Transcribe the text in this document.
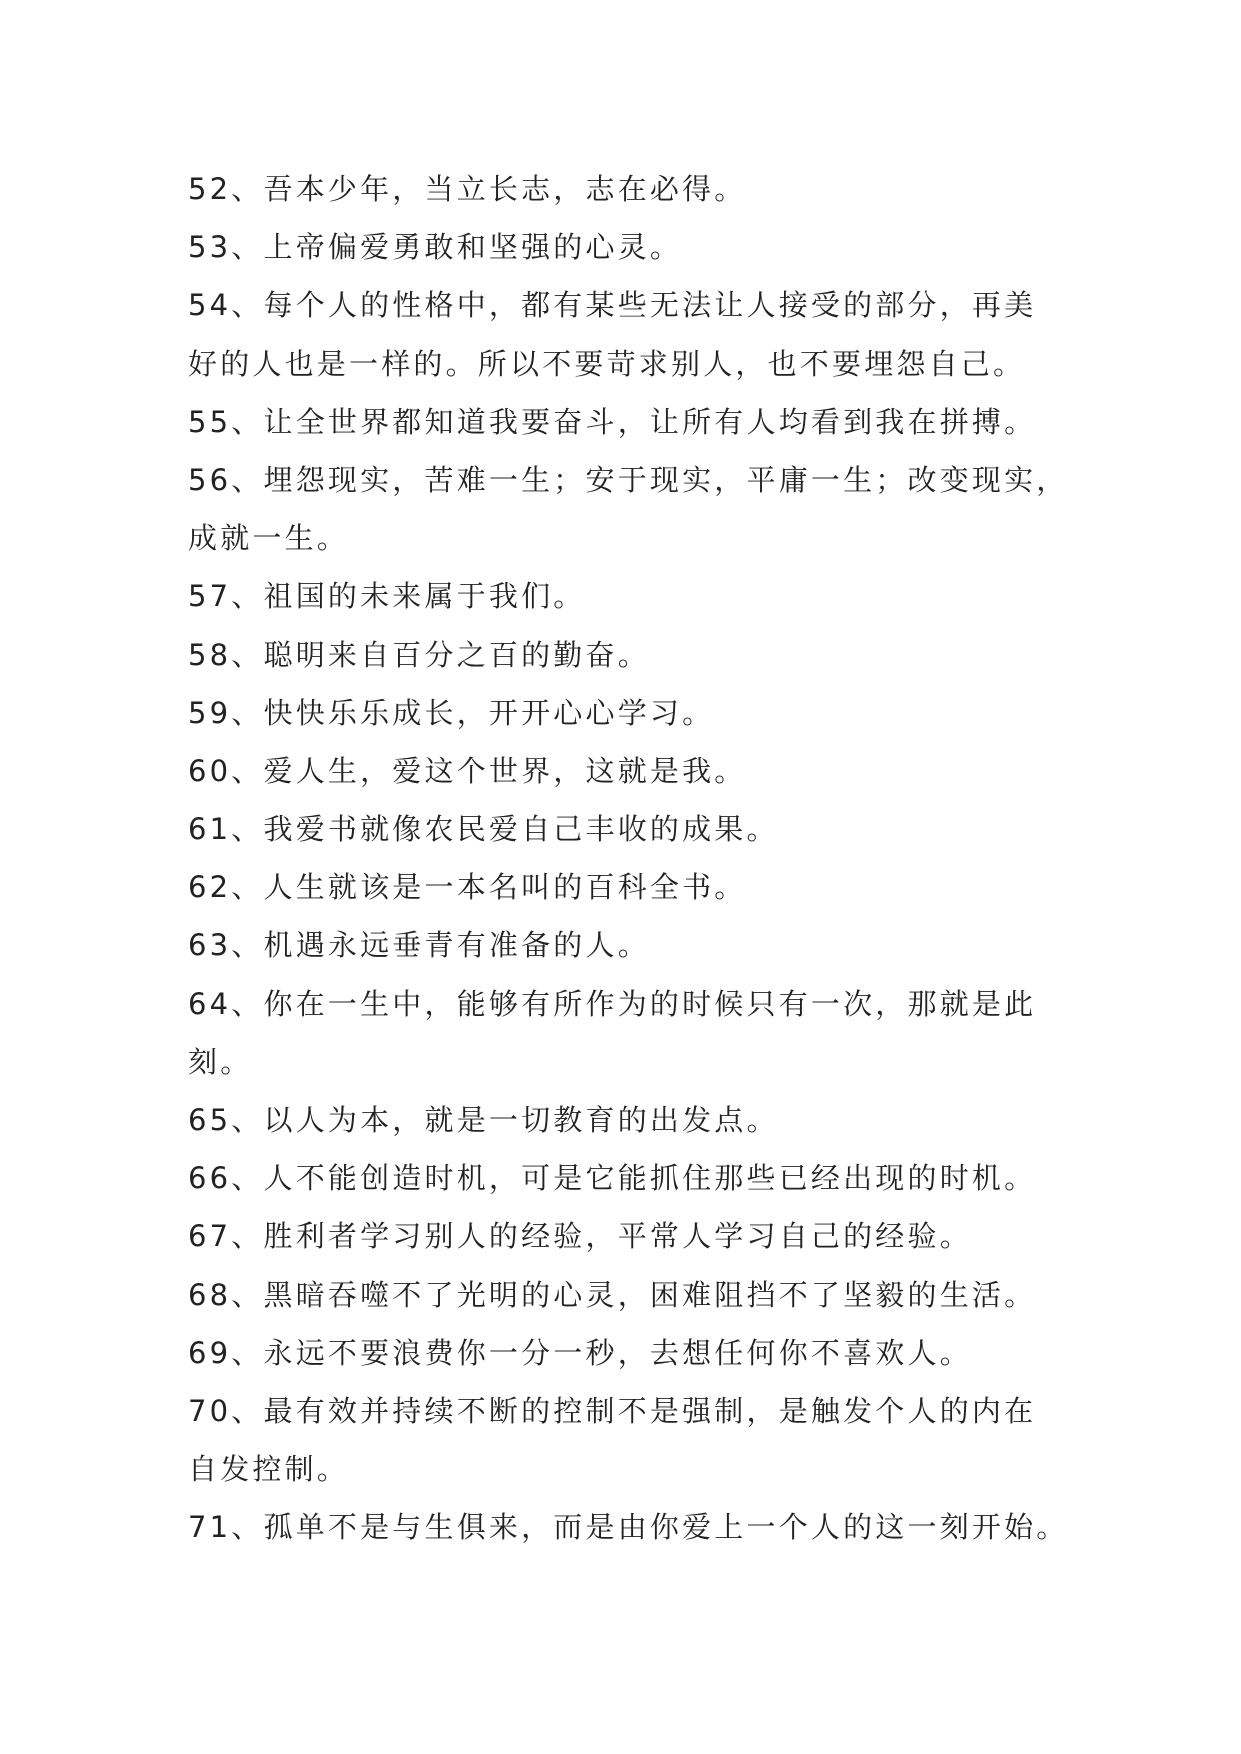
52、吾本少年，当立长志，志在必得。
53、上帝偏爱勇敢和坚强的心灵。
54、每个人的性格中，都有某些无法让人接受的部分，再美
好的人也是一样的。所以不要苛求别人，也不要埋怨自己。
55、让全世界都知道我要奋斗，让所有人均看到我在拼搏。
56、埋怨现实，苦难一生；安于现实，平庸一生；改变现实，
成就一生。
57、祖国的未来属于我们。
58、聪明来自百分之百的勤奋。
59、快快乐乐成长，开开心心学习。
60、爱人生，爱这个世界，这就是我。
61、我爱书就像农民爱自己丰收的成果。
62、人生就该是一本名叫的百科全书。
63、机遇永远垂青有准备的人。
64、你在一生中，能够有所作为的时候只有一次，那就是此
刻。
65、以人为本，就是一切教育的出发点。
66、人不能创造时机，可是它能抓住那些已经出现的时机。
67、胜利者学习别人的经验，平常人学习自己的经验。
68、黑暗吞噬不了光明的心灵，困难阻挡不了坚毅的生活。
69、永远不要浪费你一分一秒，去想任何你不喜欢人。
70、最有效并持续不断的控制不是强制，是触发个人的内在
自发控制。
71、孤单不是与生俱来，而是由你爱上一个人的这一刻开始。
